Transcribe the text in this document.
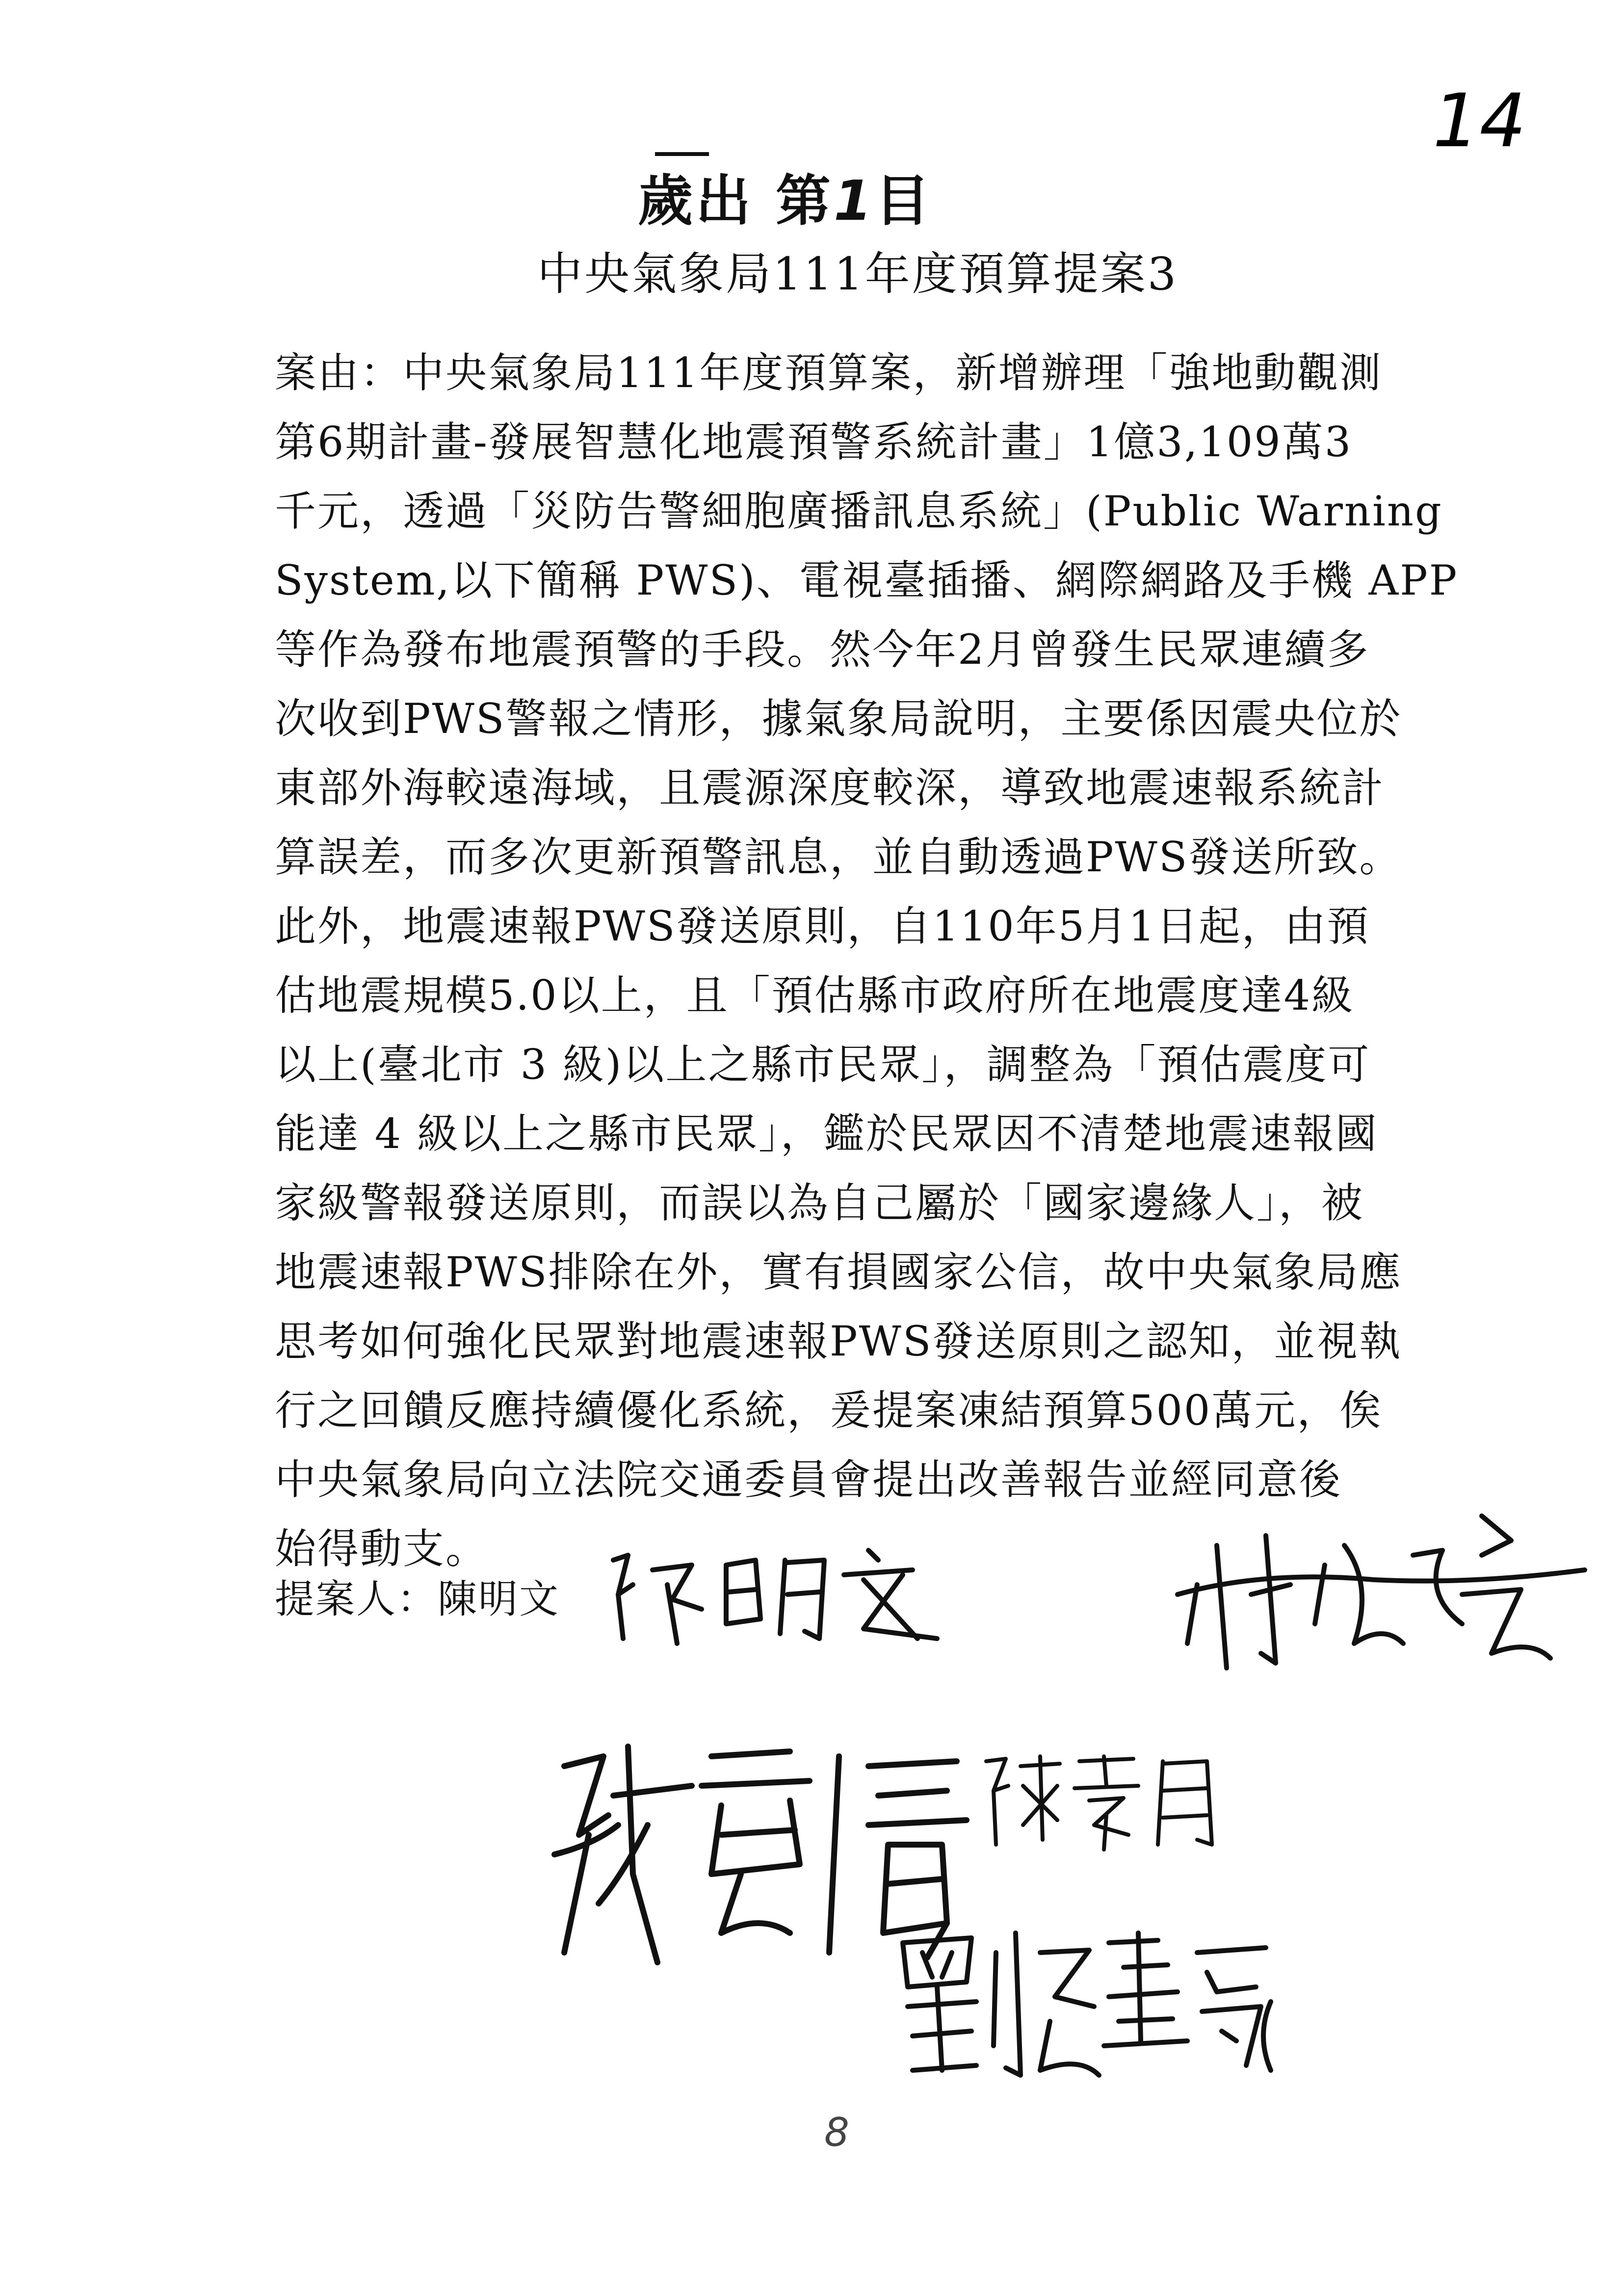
14
歲出 第1目
中央氣象局111年度預算提案3
案由：中央氣象局111年度預算案，新增辦理「強地動觀測
第6期計畫-發展智慧化地震預警系統計畫」1億3,109萬3
千元，透過「災防告警細胞廣播訊息系統」(Public Warning
System,以下簡稱 PWS)、電視臺插播、網際網路及手機 APP
等作為發布地震預警的手段。然今年2月曾發生民眾連續多
次收到PWS警報之情形，據氣象局說明，主要係因震央位於
東部外海較遠海域，且震源深度較深，導致地震速報系統計
算誤差，而多次更新預警訊息，並自動透過PWS發送所致。
此外，地震速報PWS發送原則，自110年5月1日起，由預
估地震規模5.0以上，且「預估縣市政府所在地震度達4級
以上(臺北市 3 級)以上之縣市民眾」，調整為「預估震度可
能達 4 級以上之縣市民眾」，鑑於民眾因不清楚地震速報國
家級警報發送原則，而誤以為自己屬於「國家邊緣人」，被
地震速報PWS排除在外，實有損國家公信，故中央氣象局應
思考如何強化民眾對地震速報PWS發送原則之認知，並視執
行之回饋反應持續優化系統，爰提案凍結預算500萬元，俟
中央氣象局向立法院交通委員會提出改善報告並經同意後
始得動支。
提案人：陳明文
8
